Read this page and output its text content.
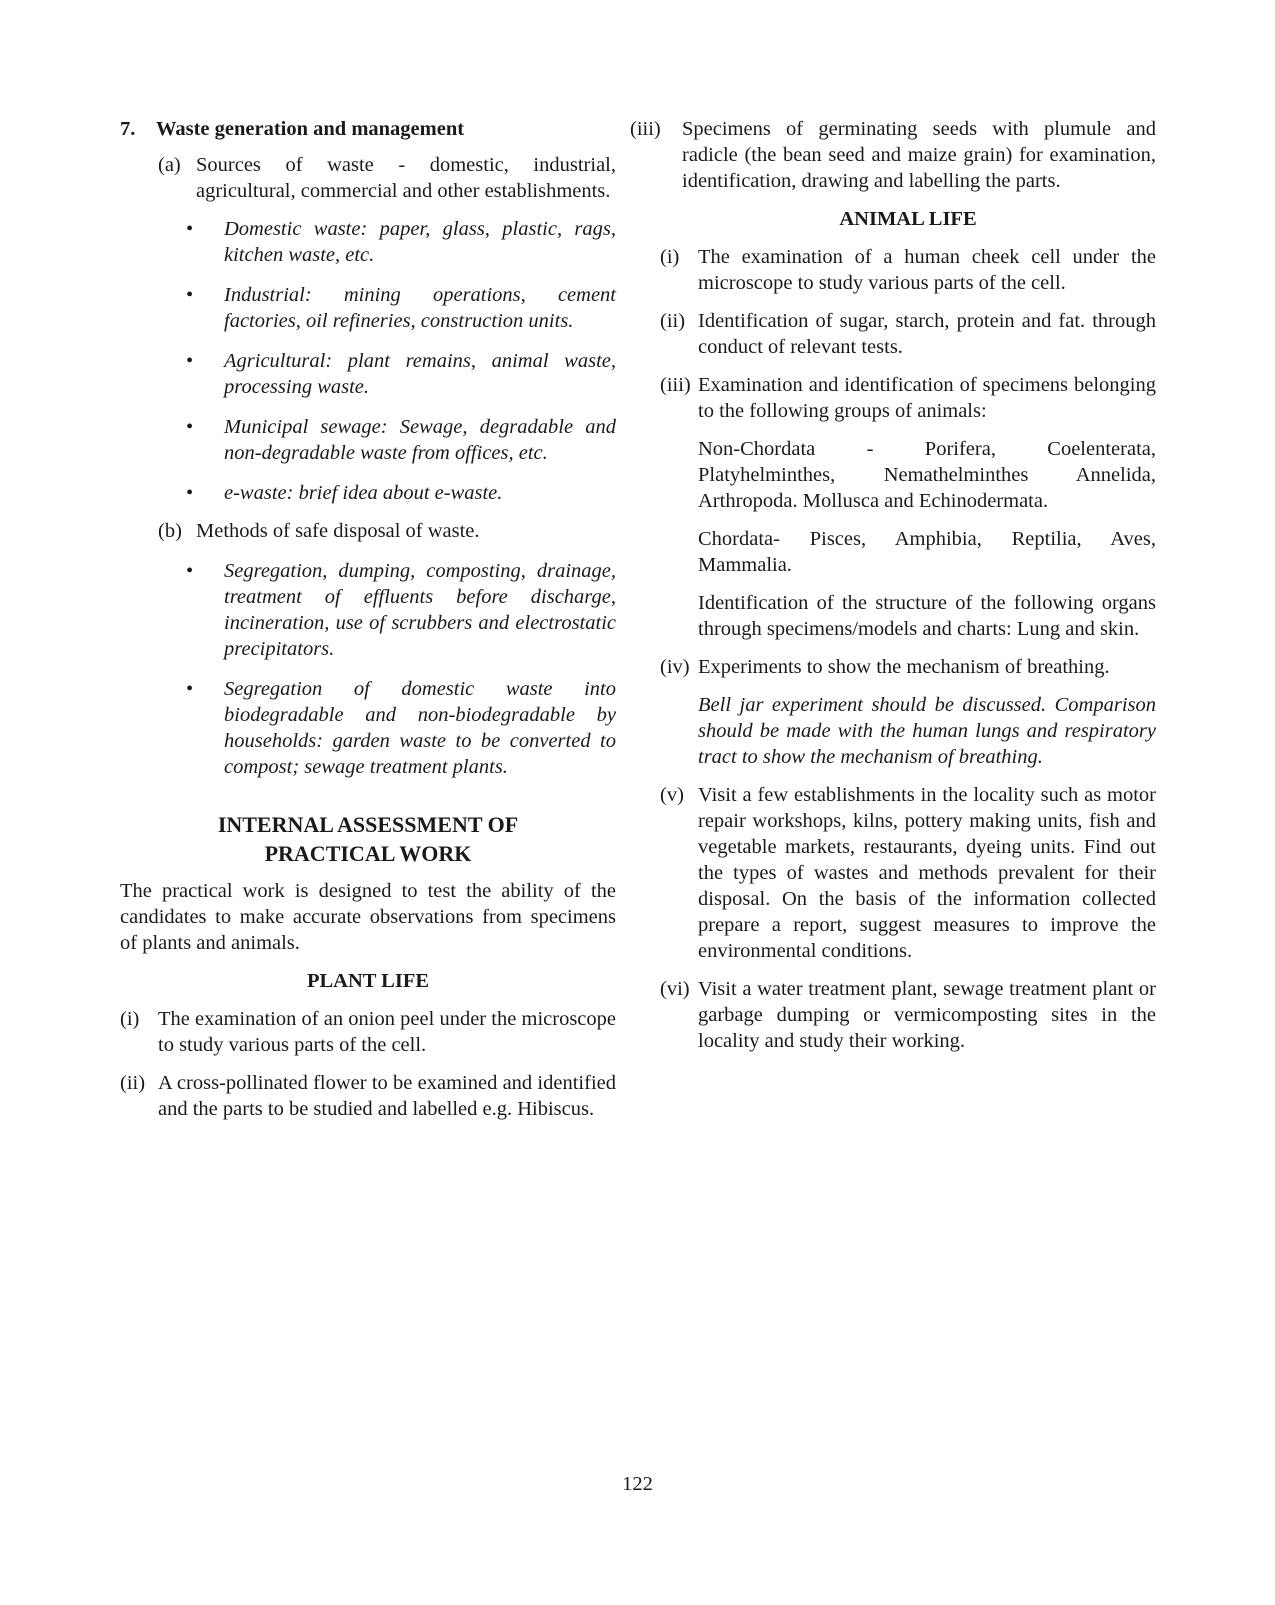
7. Waste generation and management

(a) Sources of waste - domestic, industrial, agricultural, commercial and other establishments.

• Domestic waste: paper, glass, plastic, rags, kitchen waste, etc.

• Industrial: mining operations, cement factories, oil refineries, construction units.

• Agricultural: plant remains, animal waste, processing waste.

• Municipal sewage: Sewage, degradable and non-degradable waste from offices, etc.

• e-waste: brief idea about e-waste.

(b) Methods of safe disposal of waste.

• Segregation, dumping, composting, drainage, treatment of effluents before discharge, incineration, use of scrubbers and electrostatic precipitators.

• Segregation of domestic waste into biodegradable and non-biodegradable by households: garden waste to be converted to compost; sewage treatment plants.

INTERNAL ASSESSMENT OF
PRACTICAL WORK

The practical work is designed to test the ability of the candidates to make accurate observations from specimens of plants and animals.

PLANT LIFE

(i) The examination of an onion peel under the microscope to study various parts of the cell.

(ii) A cross-pollinated flower to be examined and identified and the parts to be studied and labelled e.g. Hibiscus.

(iii)	Specimens of germinating seeds with plumule and radicle (the bean seed and maize grain) for examination, identification, drawing and labelling the parts.

ANIMAL LIFE

(i) The examination of a human cheek cell under the microscope to study various parts of the cell.

(ii) Identification of sugar, starch, protein and fat. through conduct of relevant tests.

(iii) Examination and identification of specimens belonging to the following groups of animals:

Non-Chordata - Porifera, Coelenterata, Platyhelminthes, Nemathelminthes Annelida, Arthropoda. Mollusca and Echinodermata.

Chordata- Pisces, Amphibia, Reptilia, Aves, Mammalia.

Identification of the structure of the following organs through specimens/models and charts: Lung and skin.

(iv) Experiments to show the mechanism of breathing.

Bell jar experiment should be discussed. Comparison should be made with the human lungs and respiratory tract to show the mechanism of breathing.

(v) Visit a few establishments in the locality such as motor repair workshops, kilns, pottery making units, fish and vegetable markets, restaurants, dyeing units. Find out the types of wastes and methods prevalent for their disposal. On the basis of the information collected prepare a report, suggest measures to improve the environmental conditions.

(vi) Visit a water treatment plant, sewage treatment plant or garbage dumping or vermicomposting sites in the locality and study their working.

122
